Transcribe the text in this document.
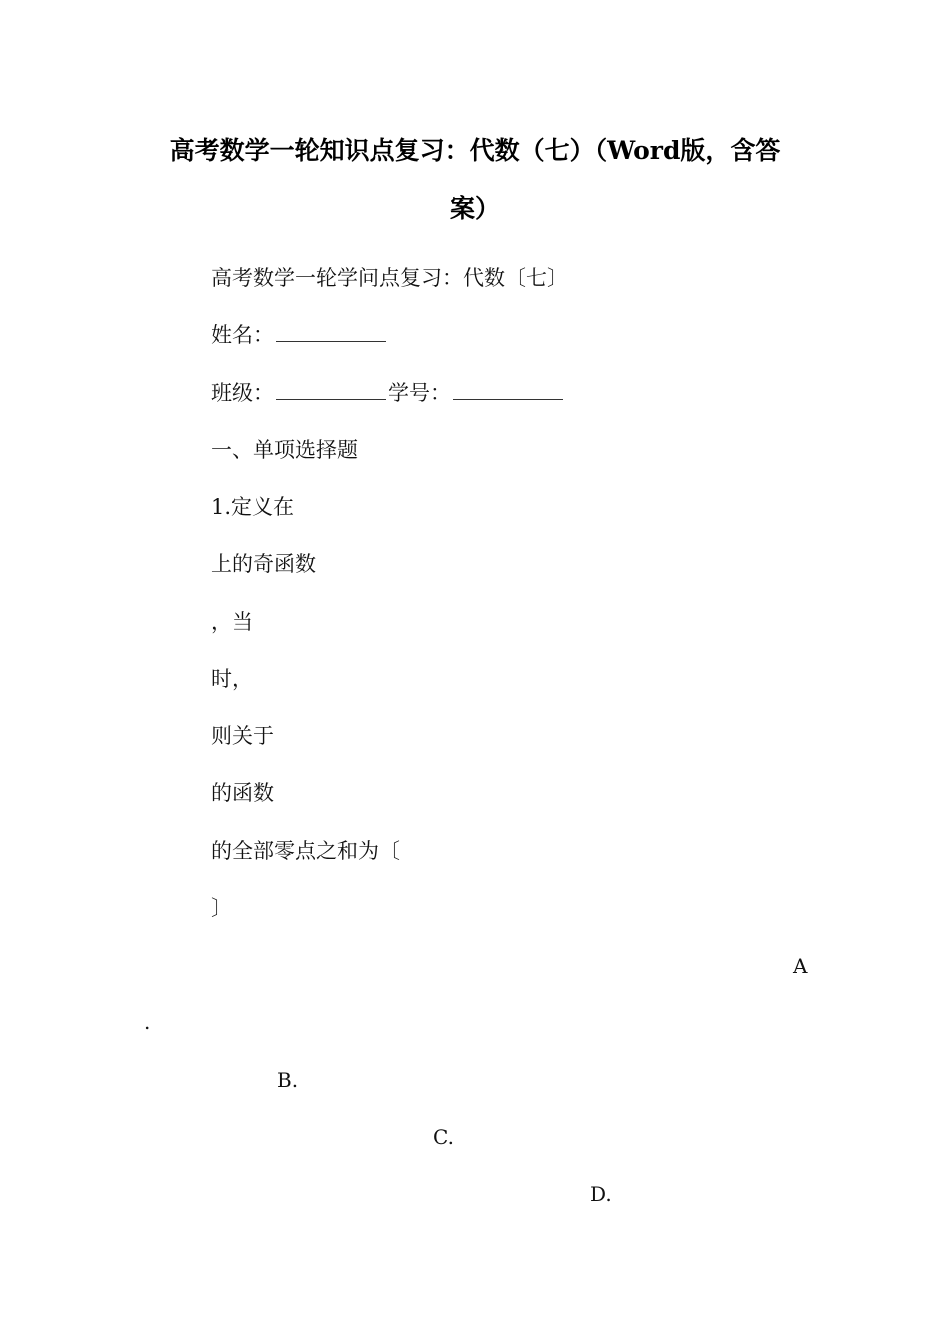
高考数学一轮知识点复习：代数（七）（Word版，含答
案）
高考数学一轮学问点复习：代数〔七〕
姓名：
班级：	学号：
一、单项选择题
1.定义在
上的奇函数
，当
时，
则关于
的函数
的全部零点之和为〔
〕
A
.
B.
C.
D.
